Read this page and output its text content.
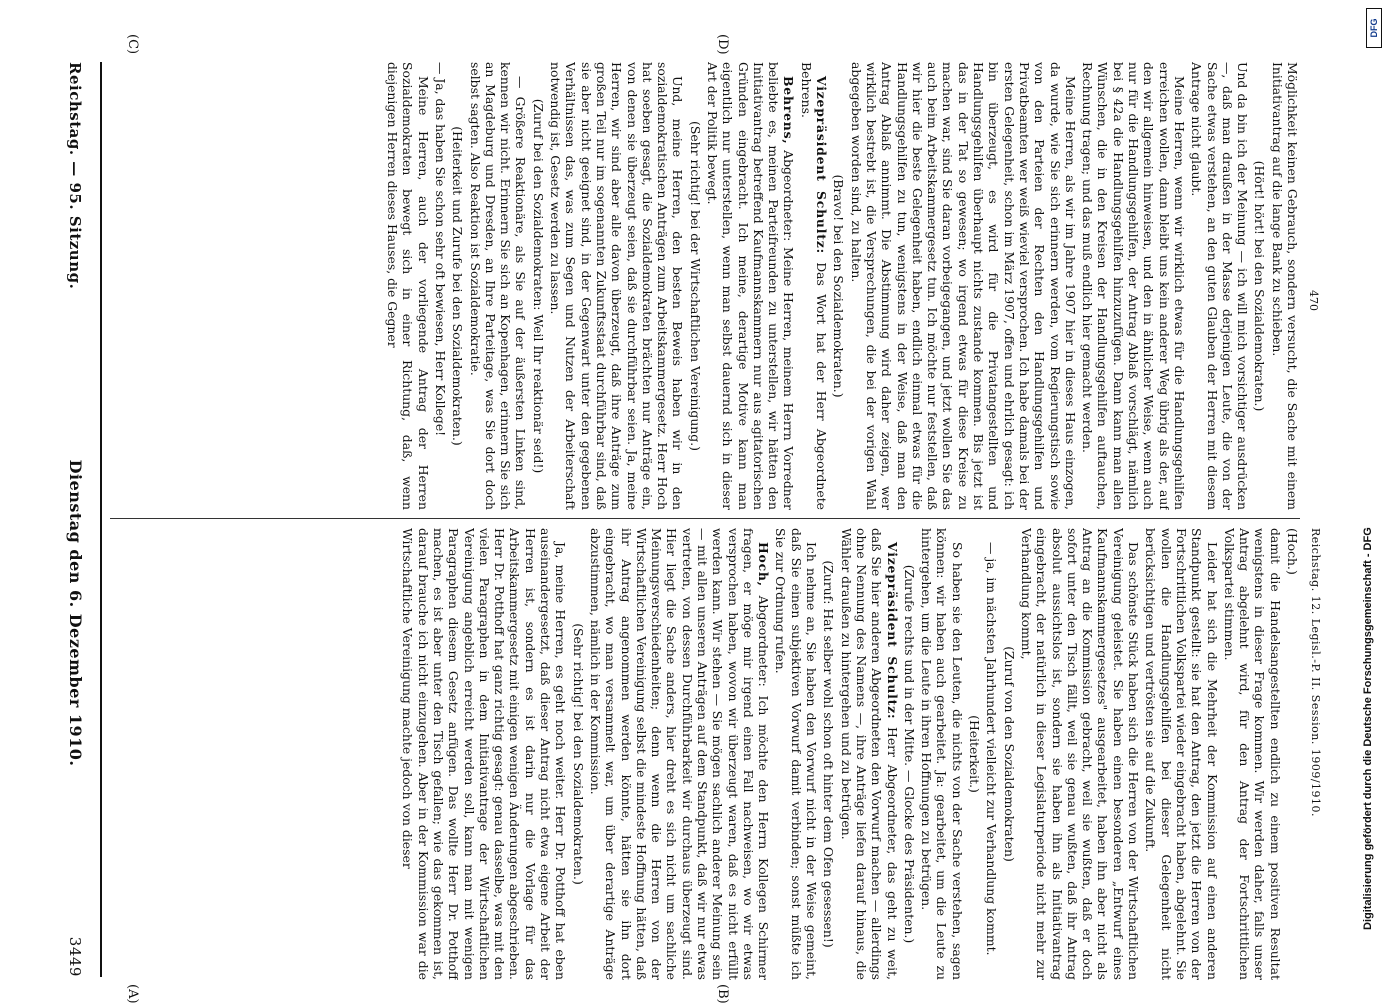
Reichstag. — 95. Sitzung.
Dienstag den 6. Dezember 1910.
3449

(Hoch.)

damit die Handelsangestellten endlich zu einem positiven Resultat wenigstens in dieser Frage kommen. Wir werden daher, falls unser Antrag abgelehnt wird, für den Antrag der Fortschrittlichen Volkspartei stimmen.

Leider hat sich die Mehrheit der Kommission auf einen anderen Standpunkt gestellt: sie hat den Antrag, den jetzt die Herren von der Fortschrittlichen Volkspartei wieder eingebracht haben, abgelehnt. Sie wollen die Handlungsgehilfen bei dieser Gelegenheit nicht berücksichtigen und vertrösten sie auf die Zukunft.

Das schönste Stück haben sich die Herren von der Wirtschaftlichen Vereinigung geleistet. Sie haben einen besonderen „Entwurf eines Kaufmannskammergesetzes" ausgearbeitet, haben ihn aber nicht als Antrag an die Kommission gebracht, weil sie wußten, daß er doch sofort unter den Tisch fällt, weil sie genau wußten, daß ihr Antrag absolut aussichtslos ist, sondern sie haben ihn als Initiativantrag eingebracht, der natürlich in dieser Legislaturperiode nicht mehr zur Verhandlung kommt,

(Zuruf von den Sozialdemokraten)

— ja, im nächsten Jahrhundert vielleicht zur Verhandlung kommt.

(Heiterkeit.)

So haben sie den Leuten, die nichts von der Sache verstehen, sagen können: wir haben auch gearbeitet. Ja: gearbeitet, um die Leute zu hintergehen, um die Leute in ihren Hoffnungen zu betrügen.

(Zurufe rechts und in der Mitte. — Glocke des Präsidenten.)

Vizepräsident Schultz: Herr Abgeordneter, das geht zu weit, daß Sie hier anderen Abgeordneten den Vorwurf machen — allerdings ohne Nennung des Namens —, ihre Anträge liefen darauf hinaus, die Wähler draußen zu hintergehen und zu betrügen.

(Zuruf: Hat selber wohl schon oft hinter dem Ofen gesessen!)

Ich nehme an, Sie haben den Vorwurf nicht in der Weise gemeint, daß Sie einen subjektiven Vorwurf damit verbinden; sonst müßte ich Sie zur Ordnung rufen.

Hoch, Abgeordneter: Ich möchte den Herrn Kollegen Schirmer fragen, er möge mir irgend einen Fall nachweisen, wo wir etwas versprochen haben, wovon wir überzeugt waren, daß es nicht erfüllt werden kann. Wir stehen — Sie mögen sachlich anderer Meinung sein — mit allen unseren Anträgen auf dem Standpunkt, daß wir nur etwas vertreten, von dessen Durchführbarkeit wir durchaus überzeugt sind. Hier liegt die Sache anders, hier dreht es sich nicht um sachliche Meinungsverschiedenheiten; denn wenn die Herren von der Wirtschaftlichen Vereinigung selbst die mindeste Hoffnung hätten, daß ihr Antrag angenommen werden könnte, hätten sie ihn dort eingebracht, wo man versammelt war, um über derartige Anträge abzustimmen, nämlich in der Kommission.

(Sehr richtig! bei den Sozialdemokraten.)

Ja, meine Herren, es geht noch weiter. Herr Dr. Potthoff hat eben auseinandergesetzt, daß dieser Antrag nicht etwa eigene Arbeit der Herren ist, sondern es ist darin nur die Vorlage für das Arbeitskammergesetz mit einigen wenigen Änderungen abgeschrieben. Herr Dr. Potthoff hat ganz richtig gesagt: genau dasselbe, was mit den vielen Paragraphen in dem Initiativantrage der Wirtschaftlichen Vereinigung angeblich erreicht werden soll, kann man mit wenigen Paragraphen diesem Gesetz anfügen. Das wollte Herr Dr. Potthoff machen, es ist aber unter den Tisch gefallen; wie das gekommen ist, darauf brauche ich nicht einzugehen. Aber in der Kommission war die Wirtschaftliche Vereinigung machte jedoch von dieser

Möglichkeit keinen Gebrauch, sondern versucht, die Sache mit einem Initiativantrag auf die lange Bank zu schieben.

(Hört! hört! bei den Sozialdemokraten.)

Und da bin ich der Meinung — ich will mich vorsichtiger ausdrücken —, daß man draußen in der Masse derjenigen Leute, die von der Sache etwas verstehen, an den guten Glauben der Herren mit diesem Antrage nicht glaubt.

Meine Herren, wenn wir wirklich etwas für die Handlungsgehilfen erreichen wollen, dann bleibt uns kein anderer Weg übrig als der, auf den wir allgemein hinweisen, und den in ähnlicher Weise, wenn auch nur für die Handlungsgehilfen, der Antrag Ablaß vorschlägt, nämlich bei § 42a die Handlungsgehilfen hinzuzufügen. Dann kann man allen Wünschen, die in den Kreisen der Handlungsgehilfen auftauchen, Rechnung tragen; und das muß endlich hier gemacht werden.

Meine Herren, als wir im Jahre 1907 hier in dieses Haus einzogen, da wurde, wie Sie sich erinnern werden, vom Regierungstisch sowie von den Parteien der Rechten den Handlungsgehilfen und Privatbeamten wer weiß wieviel versprochen. Ich habe damals bei der ersten Gelegenheit, schon im März 1907, offen und ehrlich gesagt: ich bin überzeugt, es wird für die Privatangestellten und Handlungsgehilfen überhaupt nichts zustande kommen. Bis jetzt ist das in der Tat so gewesen; wo irgend etwas für diese Kreise zu machen war, sind Sie daran vorbeigegangen, und jetzt wollen Sie das auch beim Arbeitskammergesetz tun. Ich möchte nur feststellen, daß wir hier die beste Gelegenheit haben, endlich einmal etwas für die Handlungsgehilfen zu tun, wenigstens in der Weise, daß man den Antrag Ablaß annimmt. Die Abstimmung wird daher zeigen, wer wirklich bestrebt ist, die Versprechungen, die bei der vorigen Wahl abgegeben worden sind, zu halten.

(Bravo! bei den Sozialdemokraten.)

Vizepräsident Schultz: Das Wort hat der Herr Abgeordnete Behrens.

Behrens, Abgeordneter: Meine Herren, meinem Herrn Vorredner beliebte es, meinen Parteifreunden zu unterstellen, wir hätten den Initiativantrag betreffend Kaufmannskammern nur aus agitatorischen Gründen eingebracht. Ich meine, derartige Motive kann man eigentlich nur unterstellen, wenn man selbst dauernd sich in dieser Art der Politik bewegt.

(Sehr richtig! bei der Wirtschaftlichen Vereinigung.)

Und, meine Herren, den besten Beweis haben wir in den sozialdemokratischen Anträgen zum Arbeitskammergesetz. Herr Hoch hat soeben gesagt, die Sozialdemokraten brächten nur Anträge ein, von denen sie überzeugt seien, daß sie durchführbar seien. Ja, meine Herren, wir sind aber alle davon überzeugt, daß ihre Anträge zum großen Teil nur im sogenannten Zukunftsstaat durchführbar sind, daß sie aber nicht geeignet sind, in der Gegenwart unter den gegebenen Verhältnissen das, was zum Segen und Nutzen der Arbeiterschaft notwendig ist, Gesetz werden zu lassen.

(Zuruf bei den Sozialdemokraten: Weil Ihr reaktionär seid!)

— Größere Reaktionäre, als Sie auf der äußersten Linken sind, kennen wir nicht. Erinnern Sie sich an Kopenhagen, erinnern Sie sich an Magdeburg und Dresden, an Ihre Parteitage, was Sie dort doch selbst sagten. Also Reaktion ist Sozialdemokratie.

(Heiterkeit und Zurufe bei den Sozialdemokraten.)

— Ja, das haben Sie schon sehr oft bewiesen, Herr Kollege!

Meine Herren, auch der vorliegende Antrag der Herren Sozialdemokraten bewegt sich in einer Richtung, daß, wenn diejenigen Herren dieses Hauses, die Gegner

(A)	(B)
(C)	(D)
Reichstag. 12. Legisl.-P. II. Session. 1909/1910.
470
Digitalisierung gefördert durch die Deutsche Forschungsgemeinschaft - DFG
DFG
